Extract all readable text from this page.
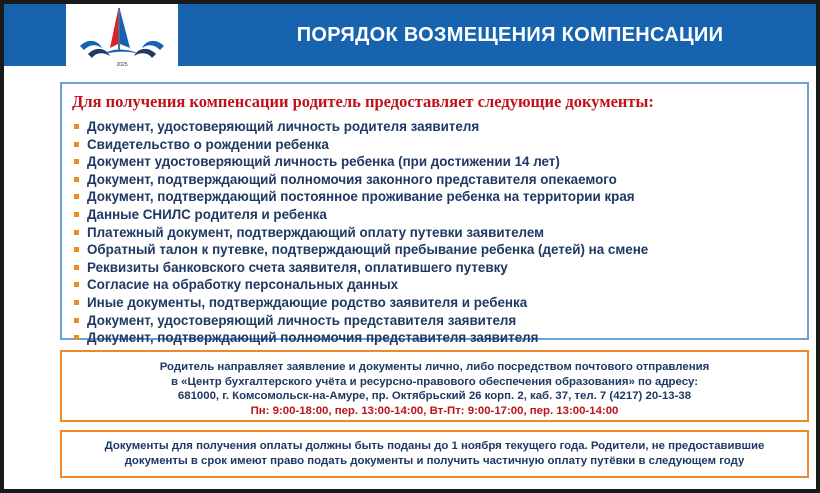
2025
ПОРЯДОК ВОЗМЕЩЕНИЯ КОМПЕНСАЦИИ
Для получения компенсации родитель предоставляет следующие документы:
Документ, удостоверяющий личность родителя заявителя
Свидетельство о рождении ребенка
Документ удостоверяющий личность ребенка (при достижении 14 лет)
Документ, подтверждающий полномочия законного представителя опекаемого
Документ, подтверждающий постоянное проживание ребенка на территории края
Данные СНИЛС родителя и ребенка
Платежный документ, подтверждающий оплату путевки заявителем
Обратный талон к путевке, подтверждающий пребывание ребенка (детей) на смене
Реквизиты банковского счета заявителя, оплатившего путевку
Согласие на обработку персональных данных
Иные документы, подтверждающие родство заявителя и ребенка
Документ, удостоверяющий личность представителя заявителя
Документ, подтверждающий полномочия представителя заявителя
Родитель направляет заявление и документы лично, либо посредством почтового отправления
в «Центр бухгалтерского учёта и ресурсно-правового обеспечения образования» по адресу:
681000, г. Комсомольск-на-Амуре, пр. Октябрьский 26 корп. 2, каб. 37, тел. 7 (4217) 20-13-38
Пн: 9:00-18:00, пер. 13:00-14:00, Вт-Пт: 9:00-17:00, пер. 13:00-14:00
Документы для получения оплаты должны быть поданы до 1 ноября текущего года. Родители, не предоставившие
документы в срок имеют право подать документы и получить частичную оплату путёвки в следующем году
